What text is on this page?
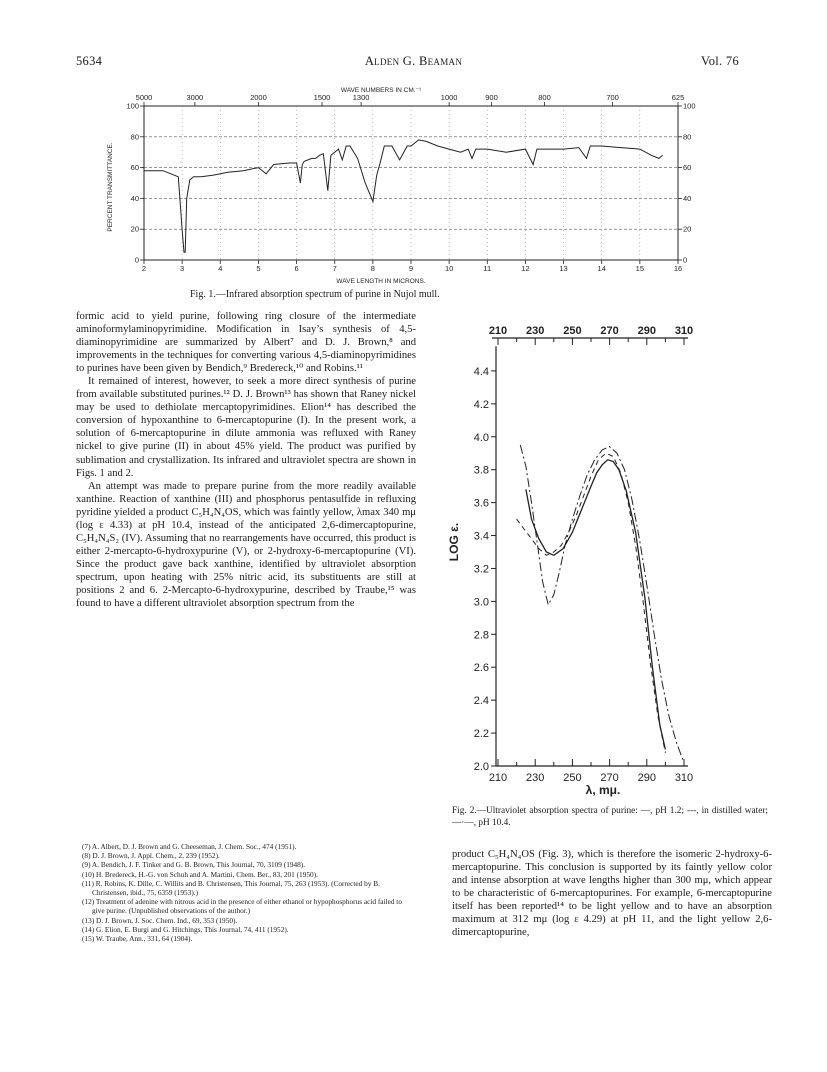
5634	Alden G. Beaman	Vol. 76
WAVE NUMBERS IN CM.⁻¹
5000	3000	2000	1500	1300	1000	900	800	700	625
100
80
60
40
20
0
100
80
60
40
20
0
2	3	4	5	6	7	8	9	10	11	12	13	14	15	16
PERCENT TRANSMITTANCE.
WAVE LENGTH IN MICRONS.
Fig. 1.—Infrared absorption spectrum of purine in Nujol mull.

formic acid to yield purine, following ring closure of the intermediate aminoformylaminopyrimidine. Modification in Isay’s synthesis of 4,5-diaminopyrimidine are summarized by Albert⁷ and D. J. Brown,⁸ and improvements in the techniques for converting various 4,5-diaminopyrimidines to purines have been given by Bendich,⁹ Bredereck,¹⁰ and Robins.¹¹

It remained of interest, however, to seek a more direct synthesis of purine from available substituted purines.¹² D. J. Brown¹³ has shown that Raney nickel may be used to dethiolate mercaptopyrimidines. Elion¹⁴ has described the conversion of hypoxanthine to 6-mercaptopurine (I). In the present work, a solution of 6-mercaptopurine in dilute ammonia was refluxed with Raney nickel to give purine (II) in about 45% yield. The product was purified by sublimation and crystallization. Its infrared and ultraviolet spectra are shown in Figs. 1 and 2.

An attempt was made to prepare purine from the more readily available xanthine. Reaction of xanthine (III) and phosphorus pentasulfide in refluxing pyridine yielded a product C₅H₄N₄OS, which was faintly yellow, λmax 340 mμ (log ε 4.33) at pH 10.4, instead of the anticipated 2,6-dimercaptopurine, C₅H₄N₄S₂ (IV). Assuming that no rearrangements have occurred, this product is either 2-mercapto-6-hydroxypurine (V), or 2-hydroxy-6-mercaptopurine (VI). Since the product gave back xanthine, identified by ultraviolet absorption spectrum, upon heating with 25% nitric acid, its substituents are still at positions 2 and 6. 2-Mercapto-6-hydroxypurine, described by Traube,¹⁵ was found to have a different ultraviolet absorption spectrum from the

(7) A. Albert, D. J. Brown and G. Cheeseman, J. Chem. Soc., 474 (1951).
(8) D. J. Brown, J. Appl. Chem., 2, 239 (1952).
(9) A. Bendich, J. F. Tinker and G. B. Brown, This Journal, 70, 3109 (1948).
(10) H. Bredereck, H.-G. von Schuh and A. Martini, Chem. Ber., 83, 201 (1950).
(11) R. Robins, K. Dille, C. Willits and B. Christensen, This Journal, 75, 263 (1953). (Corrected by B. Christensen, ibid., 75, 6359 (1953).)
(12) Treatment of adenine with nitrous acid in the presence of either ethanol or hypophosphorus acid failed to give purine. (Unpublished observations of the author.)
(13) D. J. Brown, J. Soc. Chem. Ind., 69, 353 (1950).
(14) G. Elion, E. Burgi and G. Hitchings, This Journal, 74, 411 (1952).
(15) W. Traube, Ann., 331, 64 (1904).
210 230 250 270 290 310
210 230 250 270 290 310
2.0
2.2
2.4
2.6
2.8
3.0
3.2
3.4
3.6
3.8
4.0
4.2
4.4
LOG ε.
λ, mμ.
Fig. 2.—Ultraviolet absorption spectra of purine: —, pH 1.2; ---, in distilled water; —·—, pH 10.4.

product C₅H₄N₄OS (Fig. 3), which is therefore the isomeric 2-hydroxy-6-mercaptopurine. This conclusion is supported by its faintly yellow color and intense absorption at wave lengths higher than 300 mμ, which appear to be characteristic of 6-mercaptopurines. For example, 6-mercaptopurine itself has been reported¹⁴ to be light yellow and to have an absorption maximum at 312 mμ (log ε 4.29) at pH 11, and the light yellow 2,6-dimercaptopurine,
